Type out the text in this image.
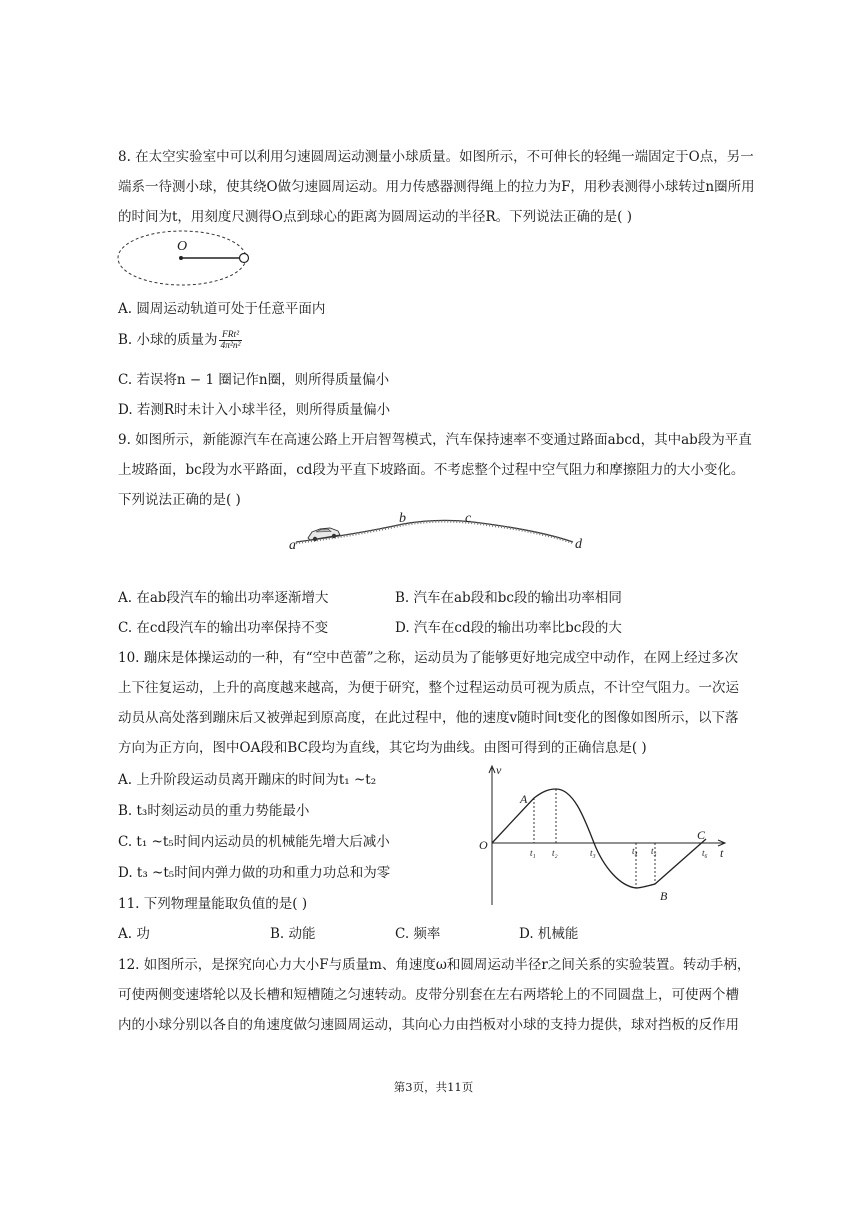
8. 在太空实验室中可以利用匀速圆周运动测量小球质量。如图所示，不可伸长的轻绳一端固定于O点，另一
端系一待测小球，使其绕O做匀速圆周运动。用力传感器测得绳上的拉力为F，用秒表测得小球转过n圈所用
的时间为t，用刻度尺测得O点到球心的距离为圆周运动的半径R。下列说法正确的是( )
O
A. 圆周运动轨道可处于任意平面内
B. 小球的质量为 $\frac{\text{FRt²}}{\text{4π²n²}}$
C. 若误将n − 1 圈记作n圈，则所得质量偏小
D. 若测R时未计入小球半径，则所得质量偏小
9. 如图所示，新能源汽车在高速公路上开启智驾模式，汽车保持速率不变通过路面abcd，其中ab段为平直
上坡路面，bc段为水平路面，cd段为平直下坡路面。不考虑整个过程中空气阻力和摩擦阻力的大小变化。
下列说法正确的是( )
a
b	c
d
A. 在ab段汽车的输出功率逐渐增大	B. 汽车在ab段和bc段的输出功率相同
C. 在cd段汽车的输出功率保持不变	D. 汽车在cd段的输出功率比bc段的大
10. 蹦床是体操运动的一种，有“空中芭蕾”之称，运动员为了能够更好地完成空中动作，在网上经过多次
上下往复运动，上升的高度越来越高，为便于研究，整个过程运动员可视为质点，不计空气阻力。一次运
动员从高处落到蹦床后又被弹起到原高度，在此过程中，他的速度v随时间t变化的图像如图所示，以下落
方向为正方向，图中OA段和BC段均为直线，其它均为曲线。由图可得到的正确信息是( )
A. 上升阶段运动员离开蹦床的时间为t₁ ~t₂
B. t₃时刻运动员的重力势能最小
C. t₁ ~t₅时间内运动员的机械能先增大后减小
D. t₃ ~t₅时间内弹力做的功和重力功总和为零
v
t
O
A
B
C
t₁ t₂	t₃	t₄ t₅	t₆
11. 下列物理量能取负值的是( )
A. 功	B. 动能	C. 频率	D. 机械能
12. 如图所示，是探究向心力大小F与质量m、角速度ω和圆周运动半径r之间关系的实验装置。转动手柄，
可使两侧变速塔轮以及长槽和短槽随之匀速转动。皮带分别套在左右两塔轮上的不同圆盘上，可使两个槽
内的小球分别以各自的角速度做匀速圆周运动，其向心力由挡板对小球的支持力提供，球对挡板的反作用
第3页，共11页
